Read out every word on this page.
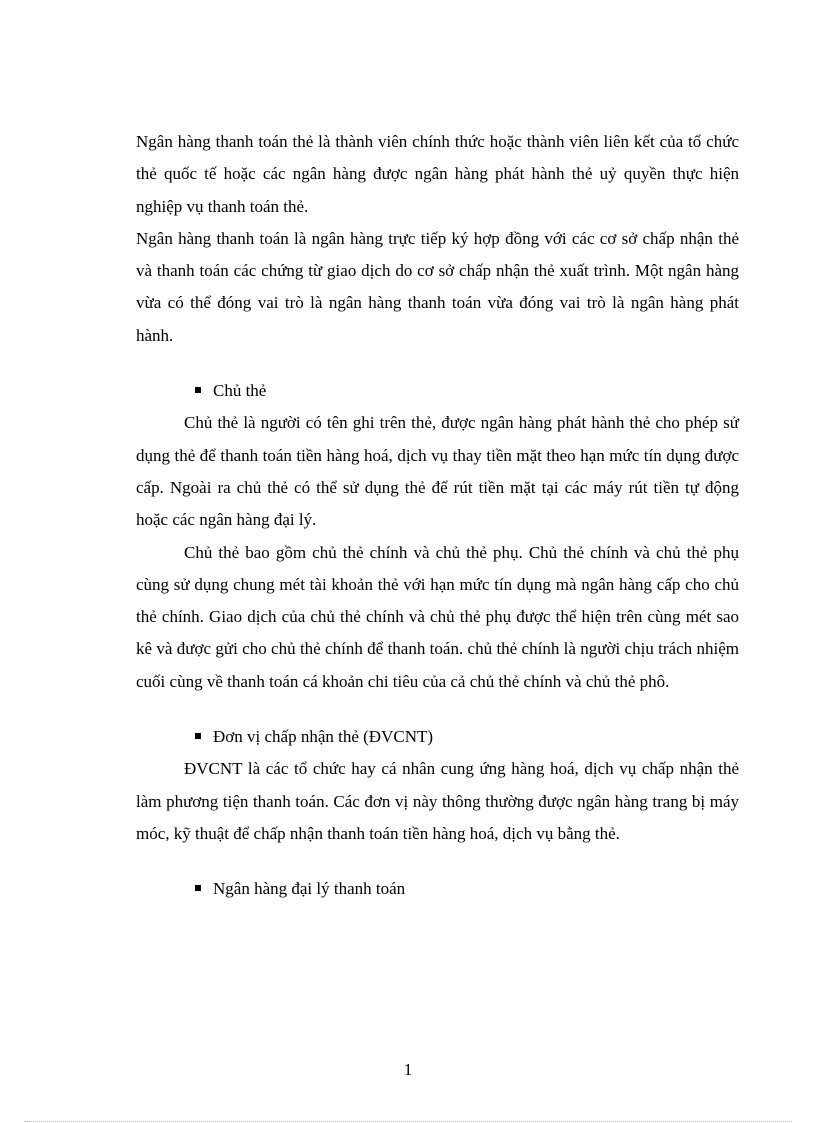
Ngân hàng thanh toán thẻ là thành viên chính thức hoặc thành viên liên kết của tổ chức thẻ quốc tế hoặc các ngân hàng được ngân hàng phát hành thẻ uỷ quyền thực hiện nghiệp vụ thanh toán thẻ.

Ngân hàng thanh toán là ngân hàng trực tiếp ký hợp đồng với các cơ sở chấp nhận thẻ và thanh toán các chứng từ giao dịch do cơ sở chấp nhận thẻ xuất trình. Một ngân hàng vừa có thể đóng vai trò là ngân hàng thanh toán vừa đóng vai trò là ngân hàng phát hành.

Chủ thẻ

Chủ thẻ là người có tên ghi trên thẻ, được ngân hàng phát hành thẻ cho phép sử dụng thẻ để thanh toán tiền hàng hoá, dịch vụ thay tiền mặt theo hạn mức tín dụng được cấp. Ngoài ra chủ thẻ có thể sử dụng thẻ để rút tiền mặt tại các máy rút tiền tự động hoặc các ngân hàng đại lý.

Chủ thẻ bao gồm chủ thẻ chính và chủ thẻ phụ. Chủ thẻ chính và chủ thẻ phụ cùng sử dụng chung mét tài khoản thẻ với hạn mức tín dụng mà ngân hàng cấp cho chủ thẻ chính. Giao dịch của chủ thẻ chính và chủ thẻ phụ được thể hiện trên cùng mét sao kê và được gửi cho chủ thẻ chính để thanh toán. chủ thẻ chính là người chịu trách nhiệm cuối cùng về thanh toán cá khoản chi tiêu của cả chủ thẻ chính và chủ thẻ phô.

Đơn vị chấp nhận thẻ (ĐVCNT)

ĐVCNT là các tổ chức hay cá nhân cung ứng hàng hoá, dịch vụ chấp nhận thẻ làm phương tiện thanh toán. Các đơn vị này thông thường được ngân hàng trang bị máy móc, kỹ thuật để chấp nhận thanh toán tiền hàng hoá, dịch vụ bằng thẻ.

Ngân hàng đại lý thanh toán
1
